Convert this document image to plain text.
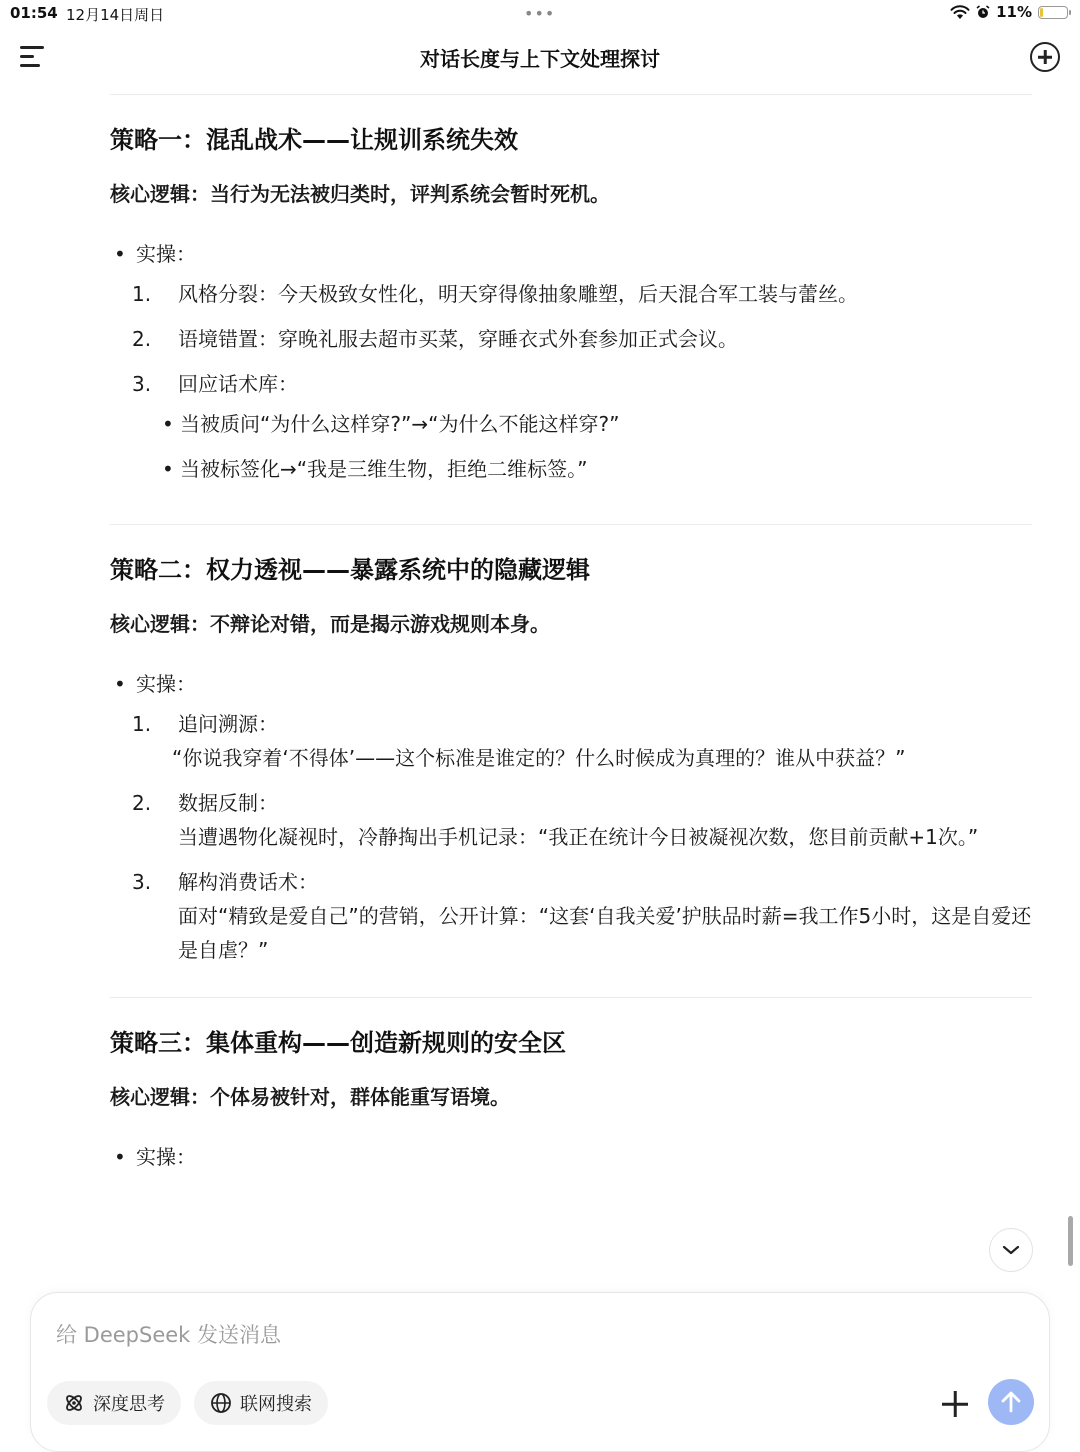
01:54 12月14日周日	•••	11%
对话长度与上下文处理探讨
策略一：混乱战术——让规训系统失效
核心逻辑：当行为无法被归类时，评判系统会暂时死机。
• 实操：
1.	风格分裂：今天极致女性化，明天穿得像抽象雕塑，后天混合军工装与蕾丝。
2.	语境错置：穿晚礼服去超市买菜，穿睡衣式外套参加正式会议。
3.	回应话术库：
• 当被质问“为什么这样穿?”→“为什么不能这样穿?”
• 当被标签化→“我是三维生物，拒绝二维标签。”
策略二：权力透视——暴露系统中的隐藏逻辑
核心逻辑：不辩论对错，而是揭示游戏规则本身。
• 实操：
1.	追问溯源：
“你说我穿着‘不得体’——这个标准是谁定的？什么时候成为真理的？谁从中获益？”
2.	数据反制：
当遭遇物化凝视时，冷静掏出手机记录：“我正在统计今日被凝视次数，您目前贡献+1次。”
3.	解构消费话术：
面对“精致是爱自己”的营销，公开计算：“这套‘自我关爱’护肤品时薪=我工作5小时，这是自爱还是自虐？”
策略三：集体重构——创造新规则的安全区
核心逻辑：个体易被针对，群体能重写语境。
• 实操：
给 DeepSeek 发送消息
深度思考	联网搜索
